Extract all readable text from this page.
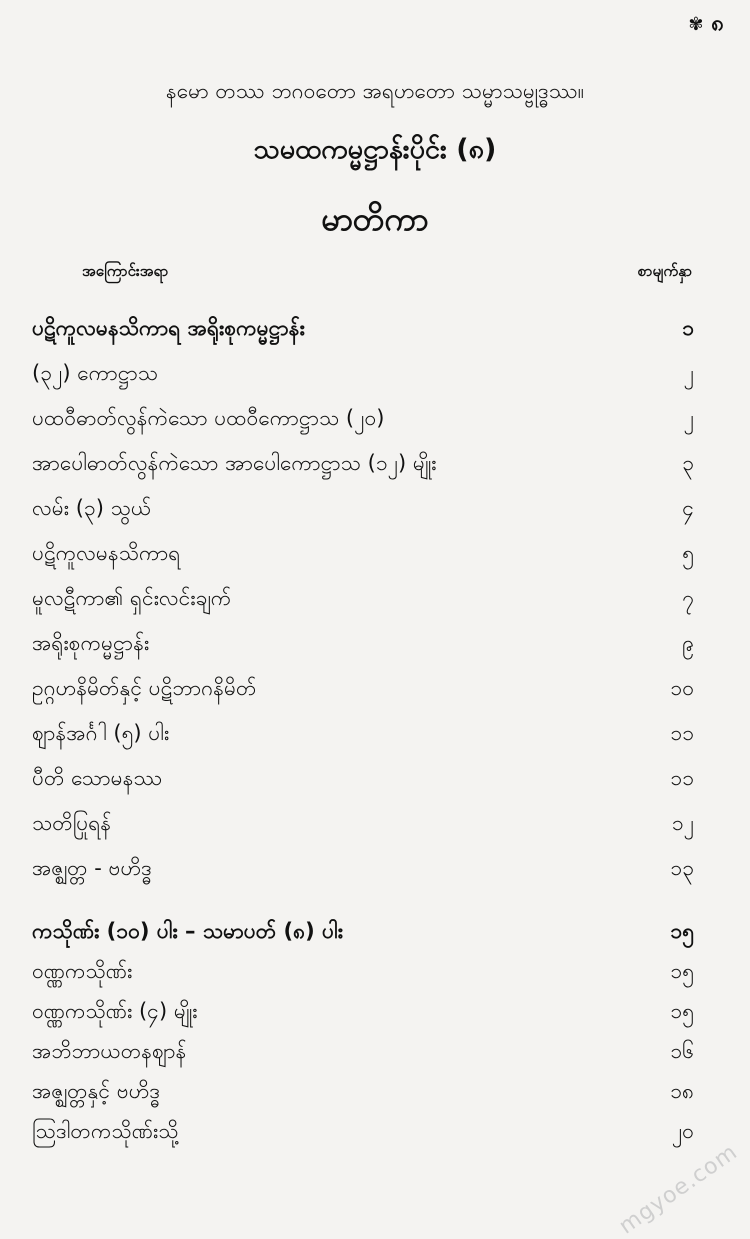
✾ ၈
နမော တဿ ဘဂဝတော အရဟတော သမ္မာသမ္ဗုဒ္ဓဿ။
သမထကမ္မဋ္ဌာန်းပိုင်း (၈)
မာတိကာ
အကြောင်းအရာ	စာမျက်နှာ
ပဋိကူလမနသိကာရ အရိုးစုကမ္မဋ္ဌာန်း	၁
(၃၂) ကောဋ္ဌာသ	၂
ပထဝီဓာတ်လွန်ကဲသော ပထဝီကောဋ္ဌာသ (၂၀)	၂
အာပေါဓာတ်လွန်ကဲသော အာပေါကောဋ္ဌာသ (၁၂) မျိုး	၃
လမ်း (၃) သွယ်	၄
ပဋိကူလမနသိကာရ	၅
မူလဋီကာ၏ ရှင်းလင်းချက်	၇
အရိုးစုကမ္မဋ္ဌာန်း	၉
ဥဂ္ဂဟနိမိတ်နှင့် ပဋိဘာဂနိမိတ်	၁၀
ဈာန်အင်္ဂါ (၅) ပါး	၁၁
ပီတိ သောမနဿ	၁၁
သတိပြုရန်	၁၂
အဇ္ဈတ္တ - ဗဟိဒ္ဓ	၁၃
ကသိုဏ်း (၁၀) ပါး – သမာပတ် (၈) ပါး	၁၅
ဝဏ္ဏကသိုဏ်း	၁၅
ဝဏ္ဏကသိုဏ်း (၄) မျိုး	၁၅
အဘိဘာယတနဈာန်	၁၆
အဇ္ဈတ္တနှင့် ဗဟိဒ္ဓ	၁၈
ဩဒါတကသိုဏ်းသို့	၂၀
mgyoe.com
